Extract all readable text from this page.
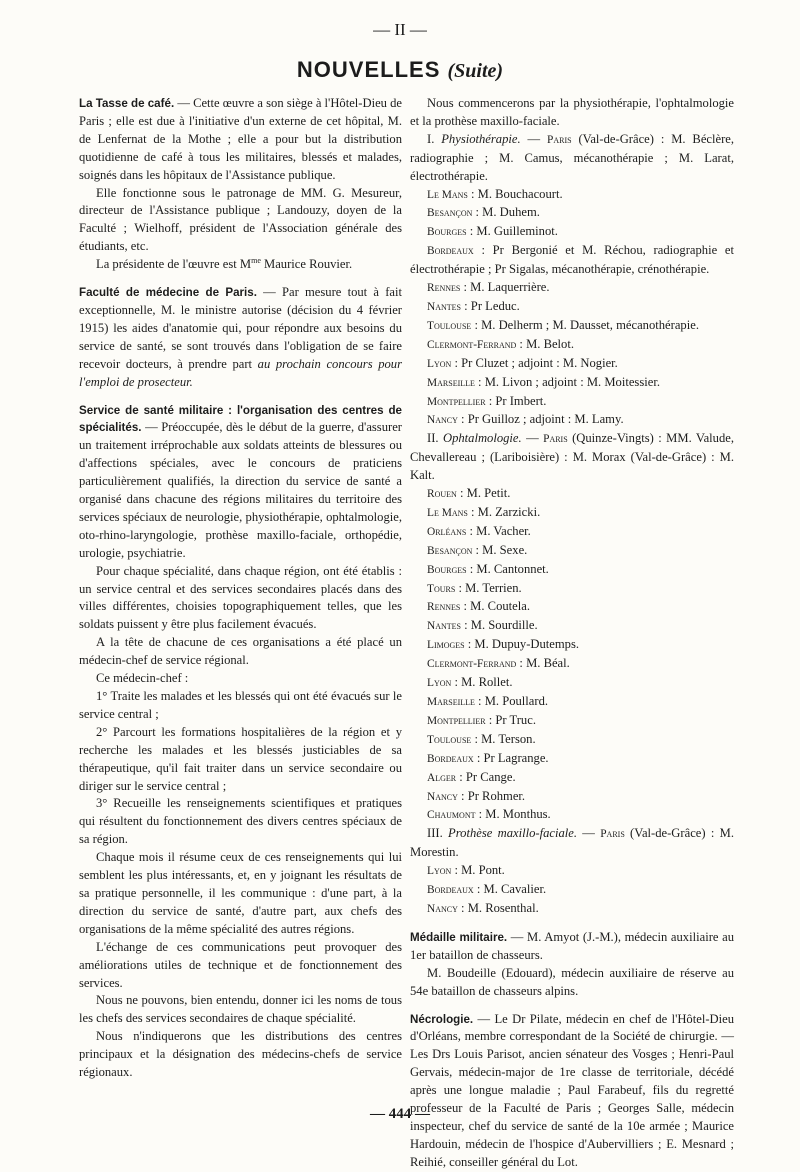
— II —
NOUVELLES (Suite)

La Tasse de café. — Cette œuvre a son siège à l'Hôtel-Dieu de Paris ; elle est due à l'initiative d'un externe de cet hôpital, M. de Lenfernat de la Mothe ; elle a pour but la distribution quotidienne de café à tous les militaires, blessés et malades, soignés dans les hôpitaux de l'Assistance publique.

Elle fonctionne sous le patronage de MM. G. Mesureur, directeur de l'Assistance publique ; Landouzy, doyen de la Faculté ; Wielhoff, président de l'Association générale des étudiants, etc.

La présidente de l'œuvre est $M^{me}$ Maurice Rouvier.

Faculté de médecine de Paris. — Par mesure tout à fait exceptionnelle, M. le ministre autorise (décision du 4 février 1915) les aides d'anatomie qui, pour répondre aux besoins du service de santé, se sont trouvés dans l'obligation de se faire recevoir docteurs, à prendre part au prochain concours pour l'emploi de prosecteur.

Service de santé militaire : l'organisation des centres de spécialités. — Préoccupée, dès le début de la guerre, d'assurer un traitement irréprochable aux soldats atteints de blessures ou d'affections spéciales, avec le concours de praticiens particulièrement qualifiés, la direction du service de santé a organisé dans chacune des régions militaires du territoire des services spéciaux de neurologie, physiothérapie, ophtalmologie, oto-rhino-laryngologie, prothèse maxillo-faciale, orthopédie, urologie, psychiatrie.

Pour chaque spécialité, dans chaque région, ont été établis : un service central et des services secondaires placés dans des villes différentes, choisies topographiquement telles, que les soldats puissent y être plus facilement évacués.

A la tête de chacune de ces organisations a été placé un médecin-chef de service régional.

Ce médecin-chef :

1° Traite les malades et les blessés qui ont été évacués sur le service central ;

2° Parcourt les formations hospitalières de la région et y recherche les malades et les blessés justiciables de sa thérapeutique, qu'il fait traiter dans un service secondaire ou diriger sur le service central ;

3° Recueille les renseignements scientifiques et pratiques qui résultent du fonctionnement des divers centres spéciaux de sa région.

Chaque mois il résume ceux de ces renseignements qui lui semblent les plus intéressants, et, en y joignant les résultats de sa pratique personnelle, il les communique : d'une part, à la direction du service de santé, d'autre part, aux chefs des organisations de la même spécialité des autres régions.

L'échange de ces communications peut provoquer des améliorations utiles de technique et de fonctionnement des services.

Nous ne pouvons, bien entendu, donner ici les noms de tous les chefs des services secondaires de chaque spécialité.

Nous n'indiquerons que les distributions des centres principaux et la désignation des médecins-chefs de service régionaux.

Nous commencerons par la physiothérapie, l'ophtalmologie et la prothèse maxillo-faciale.

I. Physiothérapie. — Paris (Val-de-Grâce) : M. Béclère, radiographie ; M. Camus, mécanothérapie ; M. Larat, électrothérapie.

Le Mans : M. Bouchacourt.

Besançon : M. Duhem.

Bourges : M. Guilleminot.

Bordeaux : Pr Bergonié et M. Réchou, radiographie et électrothérapie ; Pr Sigalas, mécanothérapie, crénothérapie.

Rennes : M. Laquerrière.

Nantes : Pr Leduc.

Toulouse : M. Delherm ; M. Dausset, mécanothérapie.

Clermont-Ferrand : M. Belot.

Lyon : Pr Cluzet ; adjoint : M. Nogier.

Marseille : M. Livon ; adjoint : M. Moitessier.

Montpellier : Pr Imbert.

Nancy : Pr Guilloz ; adjoint : M. Lamy.

II. Ophtalmologie. — Paris (Quinze-Vingts) : MM. Valude, Chevallereau ; (Lariboisière) : M. Morax (Val-de-Grâce) : M. Kalt.

Rouen : M. Petit.

Le Mans : M. Zarzicki.

Orléans : M. Vacher.

Besançon : M. Sexe.

Bourges : M. Cantonnet.

Tours : M. Terrien.

Rennes : M. Coutela.

Nantes : M. Sourdille.

Limoges : M. Dupuy-Dutemps.

Clermont-Ferrand : M. Béal.

Lyon : M. Rollet.

Marseille : M. Poullard.

Montpellier : Pr Truc.

Toulouse : M. Terson.

Bordeaux : Pr Lagrange.

Alger : Pr Cange.

Nancy : Pr Rohmer.

Chaumont : M. Monthus.

III. Prothèse maxillo-faciale. — Paris (Val-de-Grâce) : M. Morestin.

Lyon : M. Pont.

Bordeaux : M. Cavalier.

Nancy : M. Rosenthal.

Médaille militaire. — M. Amyot (J.-M.), médecin auxiliaire au 1er bataillon de chasseurs.

M. Boudeille (Edouard), médecin auxiliaire de réserve au 54e bataillon de chasseurs alpins.

Nécrologie. — Le Dr Pilate, médecin en chef de l'Hôtel-Dieu d'Orléans, membre correspondant de la Société de chirurgie. — Les Drs Louis Parisot, ancien sénateur des Vosges ; Henri-Paul Gervais, médecin-major de 1re classe de territoriale, décédé après une longue maladie ; Paul Farabeuf, fils du regretté professeur de la Faculté de Paris ; Georges Salle, médecin inspecteur, chef du service de santé de la 10e armée ; Maurice Hardouin, médecin de l'hospice d'Aubervilliers ; E. Mesnard ; Reihié, conseiller général du Lot.

— 444 —
